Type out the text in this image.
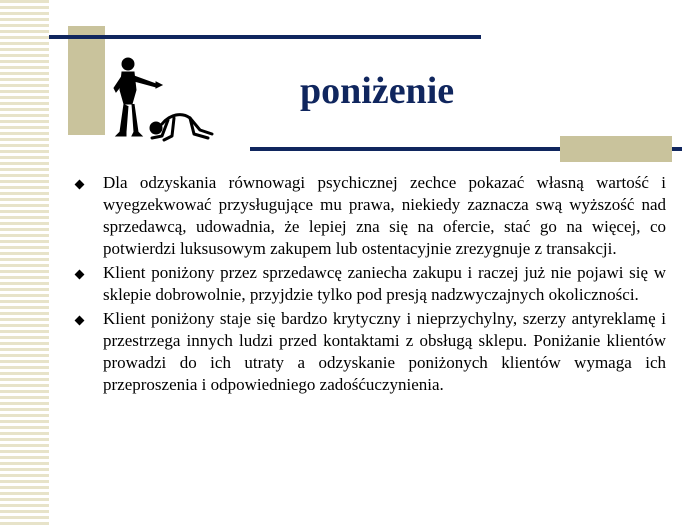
poniżenie
Dla odzyskania równowagi psychicznej zechce pokazać własną wartość i wyegzekwować przysługujące mu prawa, niekiedy zaznacza swą wyższość nad sprzedawcą, udowadnia, że lepiej zna się na ofercie, stać go na więcej, co potwierdzi luksusowym zakupem lub ostentacyjnie zrezygnuje z transakcji.
Klient poniżony przez sprzedawcę zaniecha zakupu i raczej już nie pojawi się w sklepie dobrowolnie, przyjdzie tylko pod presją nadzwyczajnych okoliczności.
Klient poniżony staje się bardzo krytyczny i nieprzychylny, szerzy antyreklamę i przestrzega innych ludzi przed kontaktami z obsługą sklepu. Poniżanie klientów prowadzi do ich utraty a odzyskanie poniżonych klientów wymaga ich przeproszenia i odpowiedniego zadośćuczynienia.
